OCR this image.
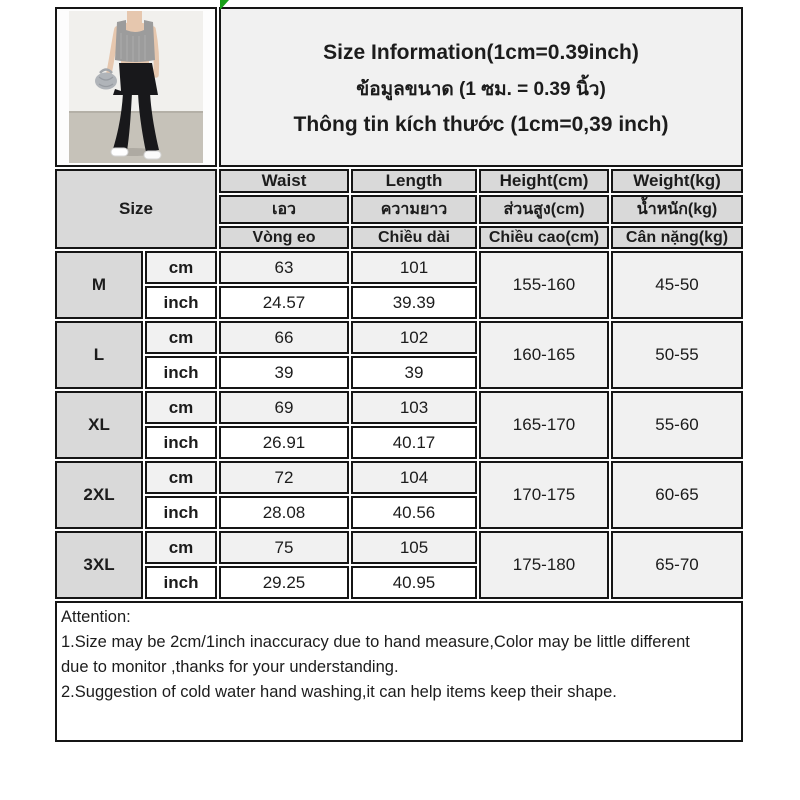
Size Information(1cm=0.39inch)
ข้อมูลขนาด (1 ซม. = 0.39 นิ้ว)
Thông tin kích thước (1cm=0,39 inch)			

Size		Waist	Length	Height(cm)	Weight(kg)
		เอว	ความยาว	ส่วนสูง(cm)	น้ำหนัก(kg)
		Vòng eo	Chiều dài	Chiều cao(cm)	Cân nặng(kg)
M	cm	63	101	155-160	45-50
	inch	24.57	39.39		
L	cm	66	102	160-165	50-55
	inch	39	39		
XL	cm	69	103	165-170	55-60
	inch	26.91	40.17		
2XL	cm	72	104	170-175	60-65
	inch	28.08	40.56		
3XL	cm	75	105	175-180	65-70
	inch	29.25	40.95		

Attention:
1.Size may be 2cm/1inch inaccuracy due to hand measure,Color may be little different
due to monitor ,thanks for your understanding.
2.Suggestion of cold water hand washing,it can help items keep their shape.					
